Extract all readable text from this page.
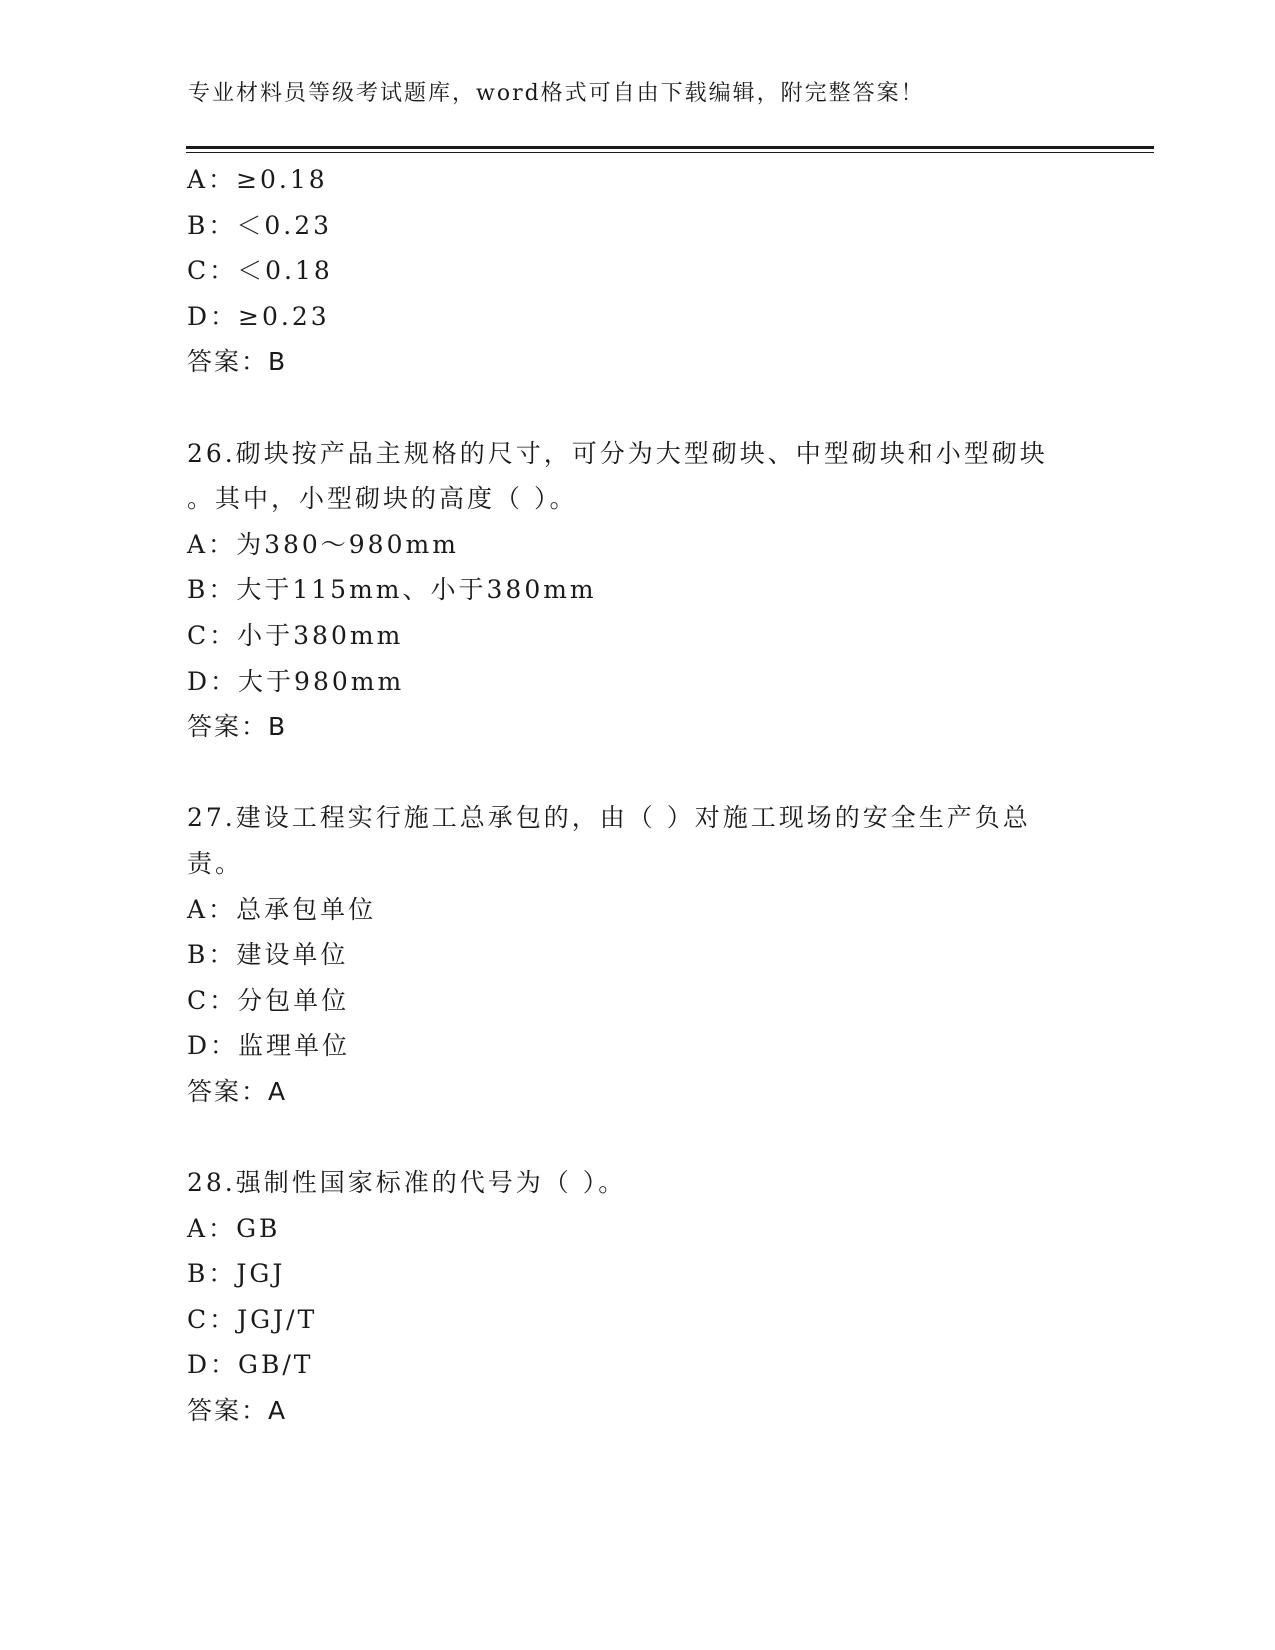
专业材料员等级考试题库，word格式可自由下载编辑，附完整答案！
A：≥0.18
B：＜0.23
C：＜0.18
D：≥0.23
答案：B
26.砌块按产品主规格的尺寸，可分为大型砌块、中型砌块和小型砌块
。其中，小型砌块的高度（ ）。
A：为380～980mm
B：大于115mm、小于380mm
C：小于380mm
D：大于980mm
答案：B
27.建设工程实行施工总承包的，由（ ）对施工现场的安全生产负总
责。
A：总承包单位
B：建设单位
C：分包单位
D：监理单位
答案：A
28.强制性国家标准的代号为（ ）。
A：GB
B：JGJ
C：JGJ/T
D：GB/T
答案：A
